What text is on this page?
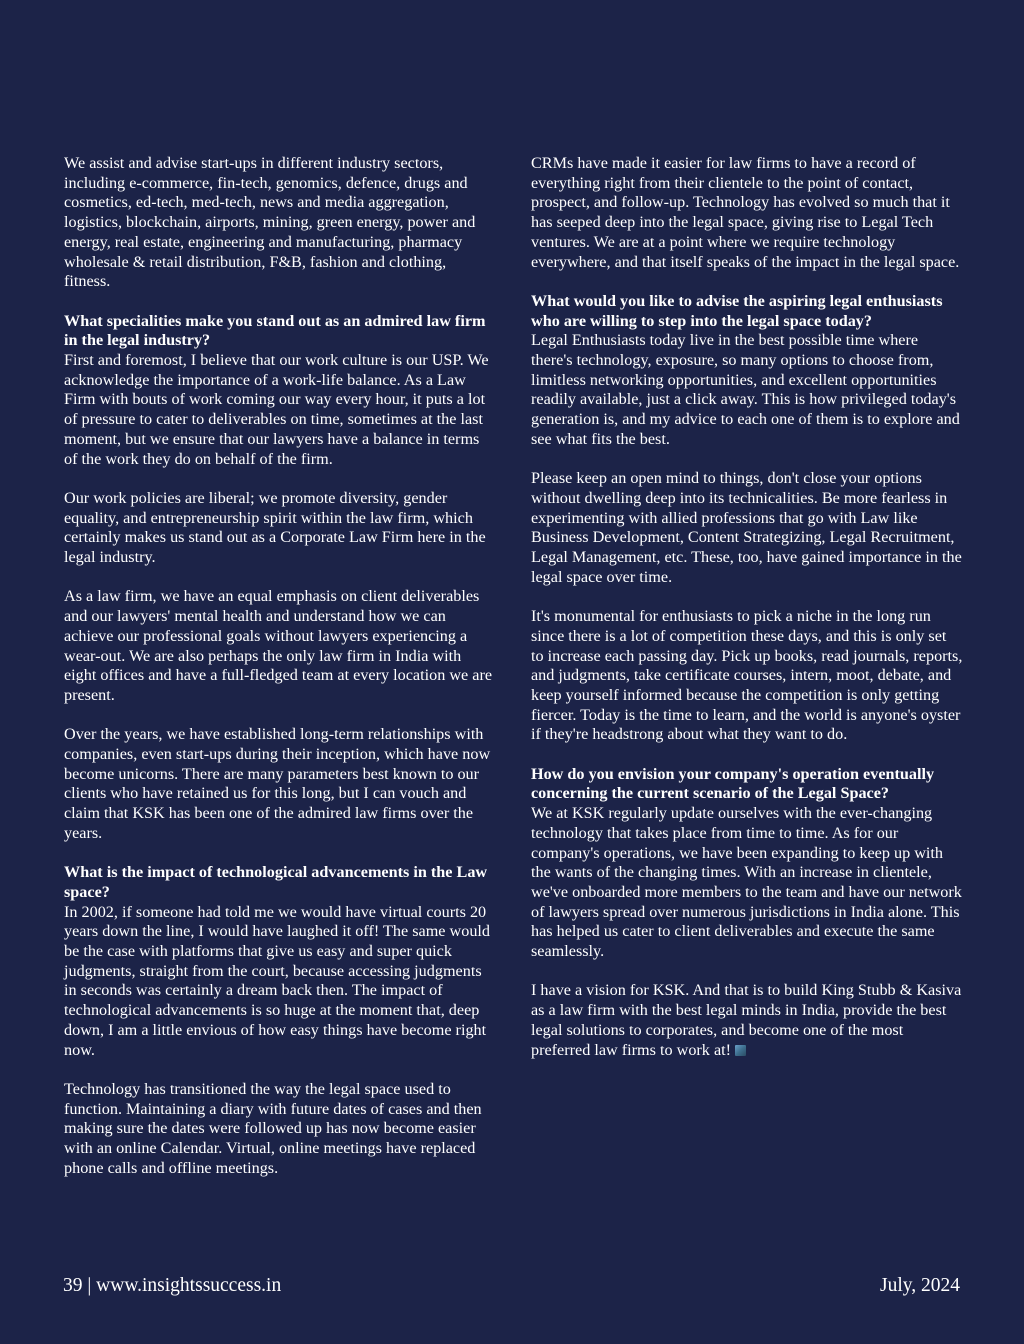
We assist and advise start-ups in different industry sectors, including e-commerce, fin-tech, genomics, defence, drugs and cosmetics, ed-tech, med-tech, news and media aggregation, logistics, blockchain, airports, mining, green energy, power and energy, real estate, engineering and manufacturing, pharmacy wholesale & retail distribution, F&B, fashion and clothing, fitness.

What specialities make you stand out as an admired law firm in the legal industry?
First and foremost, I believe that our work culture is our USP. We acknowledge the importance of a work-life balance. As a Law Firm with bouts of work coming our way every hour, it puts a lot of pressure to cater to deliverables on time, sometimes at the last moment, but we ensure that our lawyers have a balance in terms of the work they do on behalf of the firm.

Our work policies are liberal; we promote diversity, gender equality, and entrepreneurship spirit within the law firm, which certainly makes us stand out as a Corporate Law Firm here in the legal industry.

As a law firm, we have an equal emphasis on client deliverables and our lawyers' mental health and understand how we can achieve our professional goals without lawyers experiencing a wear-out. We are also perhaps the only law firm in India with eight offices and have a full-fledged team at every location we are present.

Over the years, we have established long-term relationships with companies, even start-ups during their inception, which have now become unicorns. There are many parameters best known to our clients who have retained us for this long, but I can vouch and claim that KSK has been one of the admired law firms over the years.

What is the impact of technological advancements in the Law space?
In 2002, if someone had told me we would have virtual courts 20 years down the line, I would have laughed it off! The same would be the case with platforms that give us easy and super quick judgments, straight from the court, because accessing judgments in seconds was certainly a dream back then. The impact of technological advancements is so huge at the moment that, deep down, I am a little envious of how easy things have become right now.

Technology has transitioned the way the legal space used to function. Maintaining a diary with future dates of cases and then making sure the dates were followed up has now become easier with an online Calendar. Virtual, online meetings have replaced phone calls and offline meetings.

CRMs have made it easier for law firms to have a record of everything right from their clientele to the point of contact, prospect, and follow-up. Technology has evolved so much that it has seeped deep into the legal space, giving rise to Legal Tech ventures. We are at a point where we require technology everywhere, and that itself speaks of the impact in the legal space.

What would you like to advise the aspiring legal enthusiasts who are willing to step into the legal space today?
Legal Enthusiasts today live in the best possible time where there's technology, exposure, so many options to choose from, limitless networking opportunities, and excellent opportunities readily available, just a click away. This is how privileged today's generation is, and my advice to each one of them is to explore and see what fits the best.

Please keep an open mind to things, don't close your options without dwelling deep into its technicalities. Be more fearless in experimenting with allied professions that go with Law like Business Development, Content Strategizing, Legal Recruitment, Legal Management, etc. These, too, have gained importance in the legal space over time.

It's monumental for enthusiasts to pick a niche in the long run since there is a lot of competition these days, and this is only set to increase each passing day. Pick up books, read journals, reports, and judgments, take certificate courses, intern, moot, debate, and keep yourself informed because the competition is only getting fiercer. Today is the time to learn, and the world is anyone's oyster if they're headstrong about what they want to do.

How do you envision your company's operation eventually concerning the current scenario of the Legal Space?
We at KSK regularly update ourselves with the ever-changing technology that takes place from time to time. As for our company's operations, we have been expanding to keep up with the wants of the changing times. With an increase in clientele, we've onboarded more members to the team and have our network of lawyers spread over numerous jurisdictions in India alone. This has helped us cater to client deliverables and execute the same seamlessly.

I have a vision for KSK. And that is to build King Stubb & Kasiva as a law firm with the best legal minds in India, provide the best legal solutions to corporates, and become one of the most preferred law firms to work at!

39 | www.insightssuccess.in	July, 2024
